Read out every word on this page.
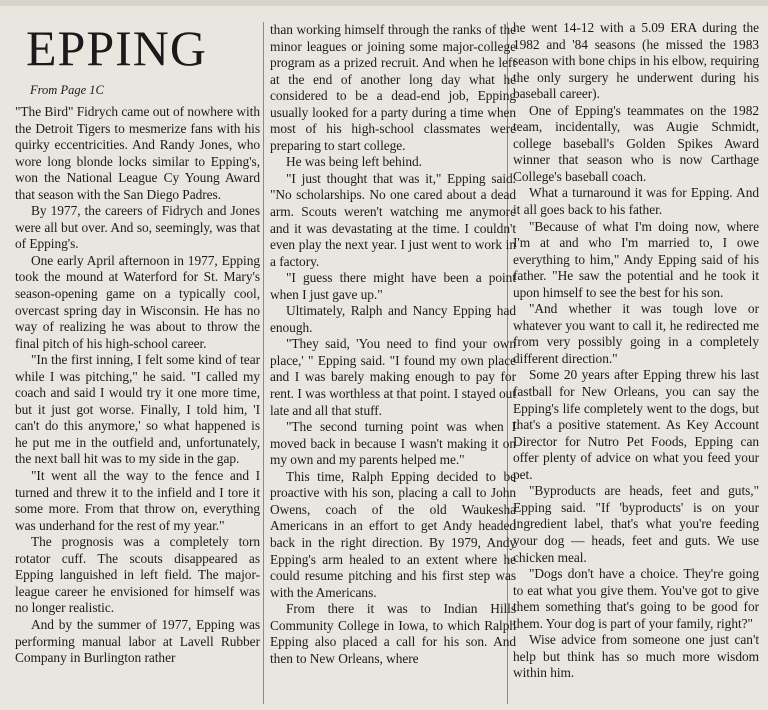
EPPING
From Page 1C

"The Bird" Fidrych came out of nowhere with the Detroit Tigers to mesmerize fans with his quirky eccentricities. And Randy Jones, who wore long blonde locks similar to Epping's, won the National League Cy Young Award that season with the San Diego Padres.

By 1977, the careers of Fidrych and Jones were all but over. And so, seemingly, was that of Epping's.

One early April afternoon in 1977, Epping took the mound at Waterford for St. Mary's season-opening game on a typically cool, overcast spring day in Wisconsin. He has no way of realizing he was about to throw the final pitch of his high-school career.

"In the first inning, I felt some kind of tear while I was pitching," he said. "I called my coach and said I would try it one more time, but it just got worse. Finally, I told him, 'I can't do this anymore,' so what happened is he put me in the outfield and, unfortunately, the next ball hit was to my side in the gap.

"It went all the way to the fence and I turned and threw it to the infield and I tore it some more. From that throw on, everything was underhand for the rest of my year."

The prognosis was a completely torn rotator cuff. The scouts disappeared as Epping languished in left field. The major-league career he envisioned for himself was no longer realistic.

And by the summer of 1977, Epping was performing manual labor at Lavell Rubber Company in Burlington rather

than working himself through the ranks of the minor leagues or joining some major-college program as a prized recruit. And when he left at the end of another long day what he considered to be a dead-end job, Epping usually looked for a party during a time when most of his high-school classmates were preparing to start college.

He was being left behind.

"I just thought that was it," Epping said. "No scholarships. No one cared about a dead arm. Scouts weren't watching me anymore and it was devastating at the time. I couldn't even play the next year. I just went to work in a factory.

"I guess there might have been a point when I just gave up."

Ultimately, Ralph and Nancy Epping had enough.

"They said, 'You need to find your own place,' " Epping said. "I found my own place and I was barely making enough to pay for rent. I was worthless at that point. I stayed out late and all that stuff.

"The second turning point was when I moved back in because I wasn't making it on my own and my parents helped me."

This time, Ralph Epping decided to be proactive with his son, placing a call to John Owens, coach of the old Waukesha Americans in an effort to get Andy headed back in the right direction. By 1979, Andy Epping's arm healed to an extent where he could resume pitching and his first step was with the Americans.

From there it was to Indian Hills Community College in Iowa, to which Ralph Epping also placed a call for his son. And then to New Orleans, where

he went 14-12 with a 5.09 ERA during the 1982 and '84 seasons (he missed the 1983 season with bone chips in his elbow, requiring the only surgery he underwent during his baseball career).

One of Epping's teammates on the 1982 team, incidentally, was Augie Schmidt, college baseball's Golden Spikes Award winner that season who is now Carthage College's baseball coach.

What a turnaround it was for Epping. And it all goes back to his father.

"Because of what I'm doing now, where I'm at and who I'm married to, I owe everything to him," Andy Epping said of his father. "He saw the potential and he took it upon himself to see the best for his son.

"And whether it was tough love or whatever you want to call it, he redirected me from very possibly going in a completely different direction."

Some 20 years after Epping threw his last fastball for New Orleans, you can say the Epping's life completely went to the dogs, but that's a positive statement. As Key Account Director for Nutro Pet Foods, Epping can offer plenty of advice on what you feed your pet.

"Byproducts are heads, feet and guts," Epping said. "If 'byproducts' is on your ingredient label, that's what you're feeding your dog — heads, feet and guts. We use chicken meal.

"Dogs don't have a choice. They're going to eat what you give them. You've got to give them something that's going to be good for them. Your dog is part of your family, right?"

Wise advice from someone one just can't help but think has so much more wisdom within him.
